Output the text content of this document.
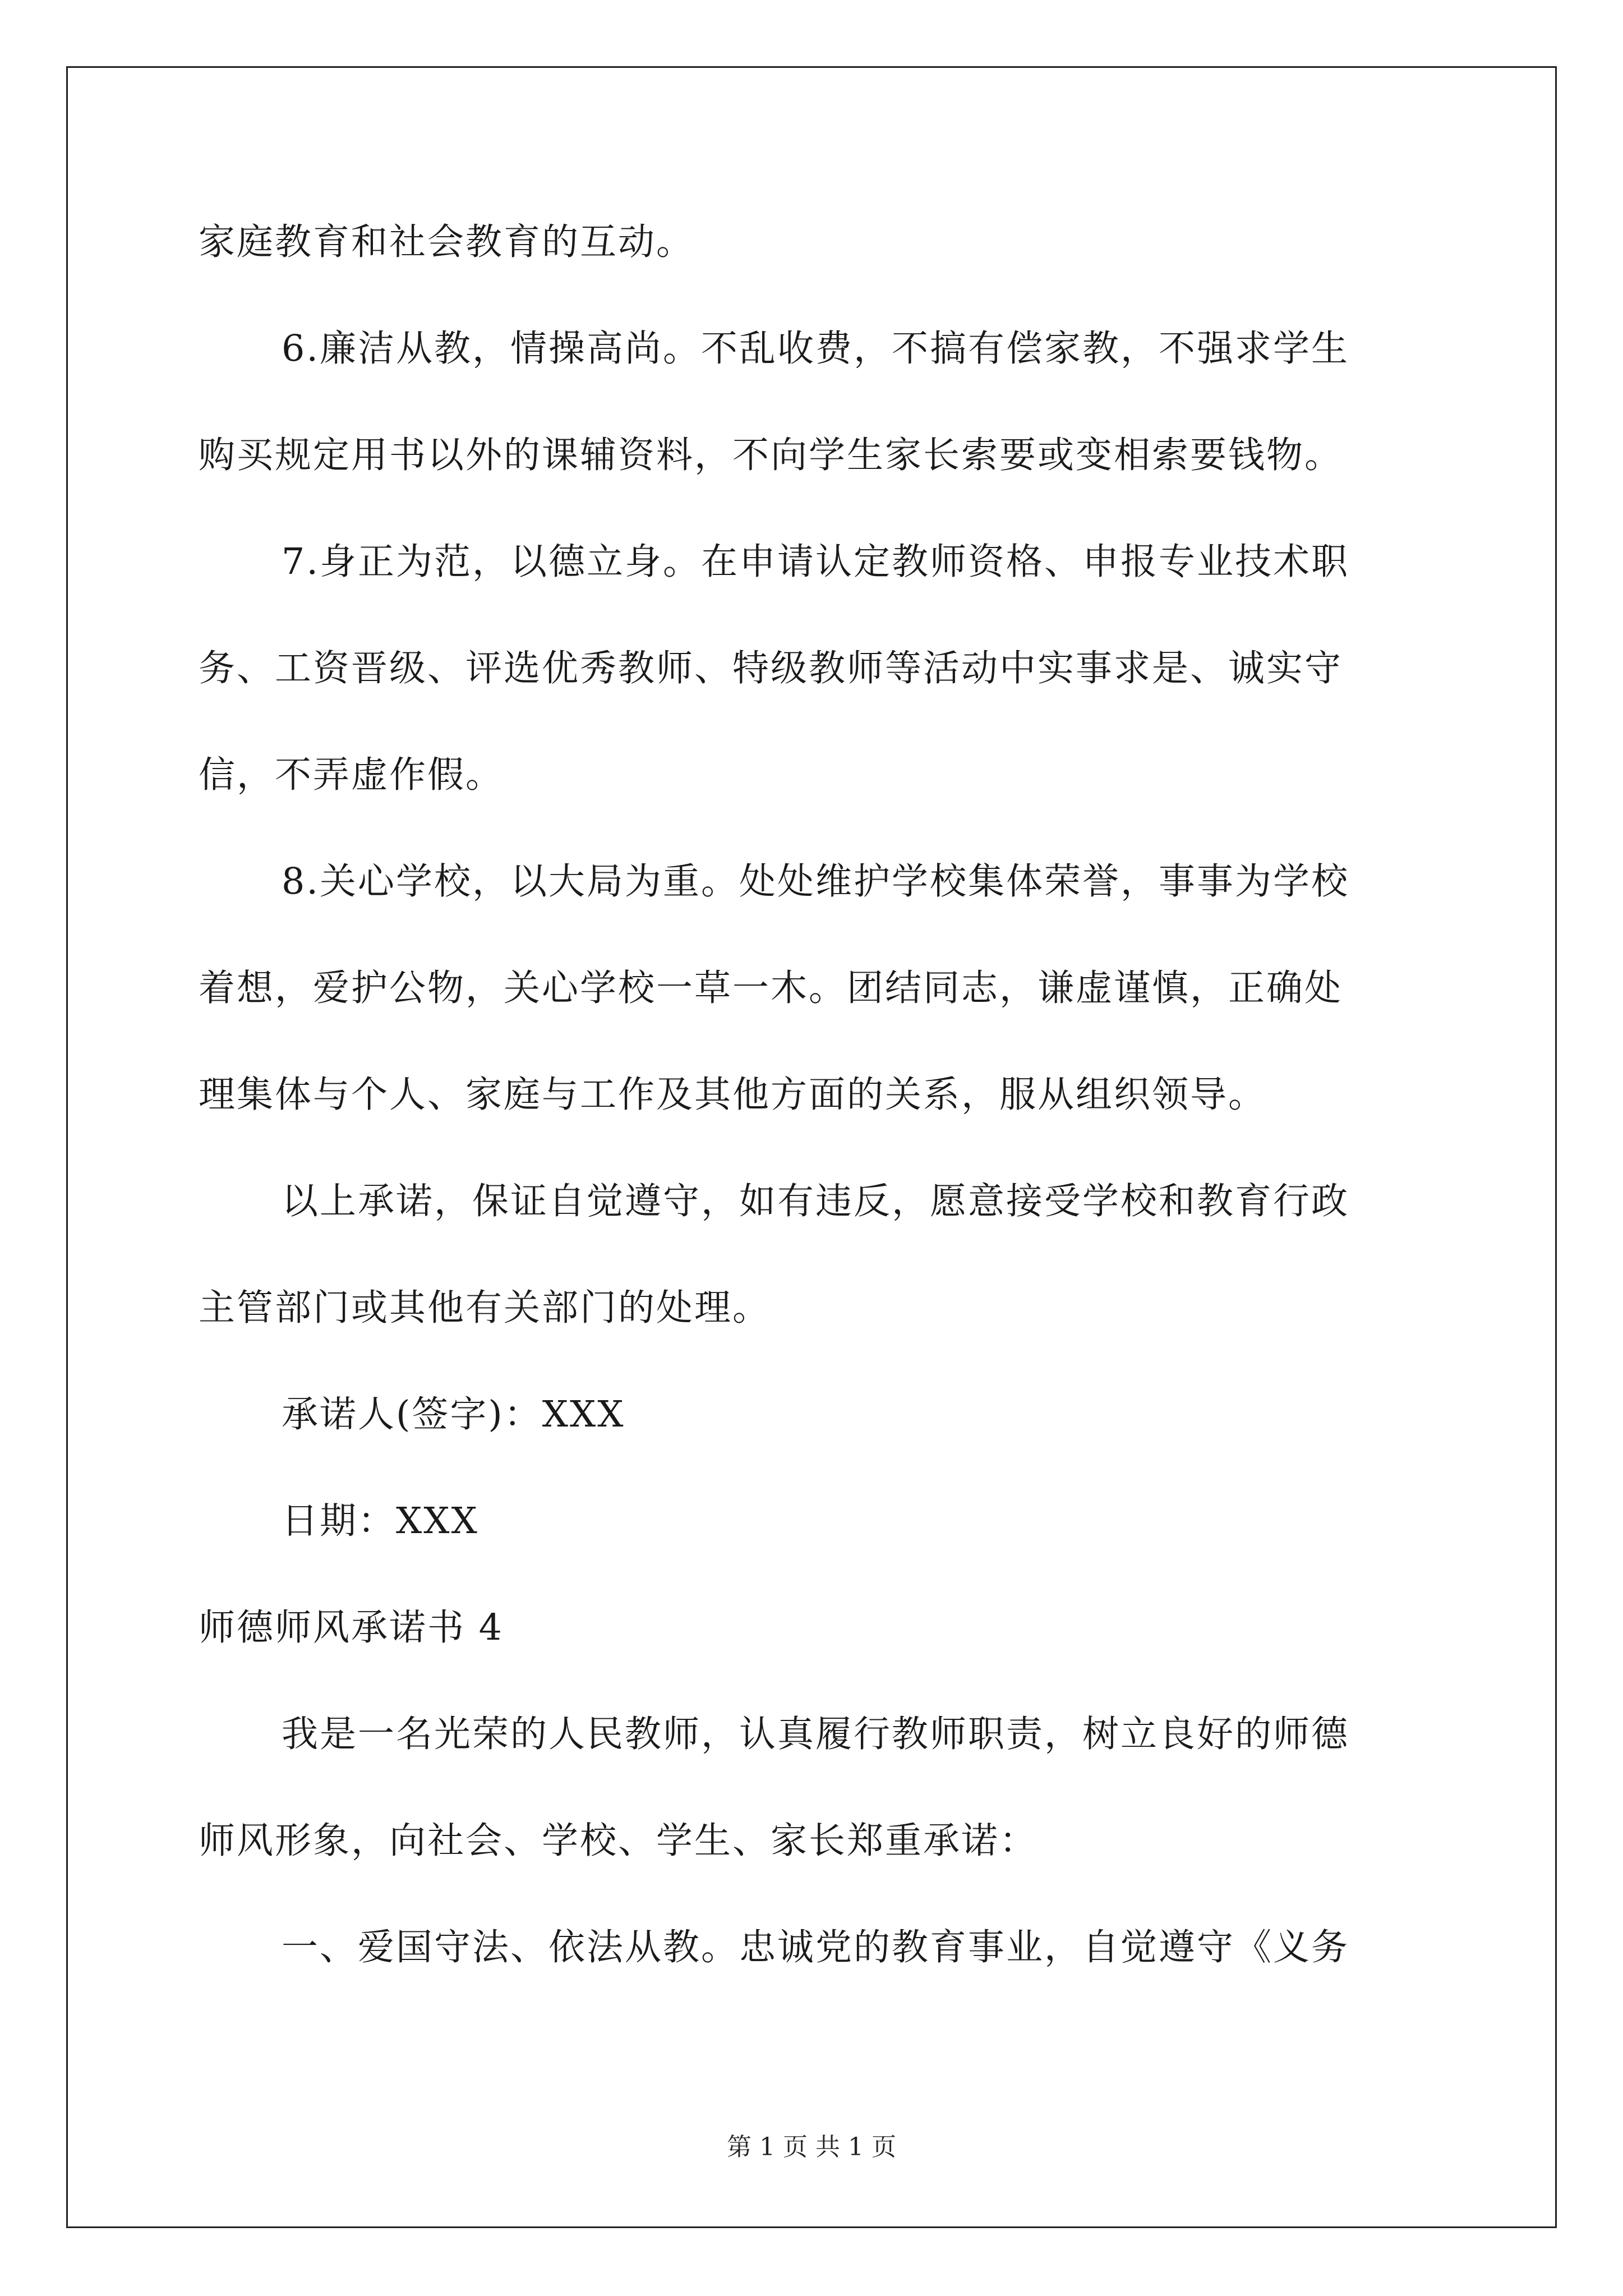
家庭教育和社会教育的互动。
6.廉洁从教，情操高尚。不乱收费，不搞有偿家教，不强求学生
购买规定用书以外的课辅资料，不向学生家长索要或变相索要钱物。
7.身正为范，以德立身。在申请认定教师资格、申报专业技术职
务、工资晋级、评选优秀教师、特级教师等活动中实事求是、诚实守
信，不弄虚作假。
8.关心学校，以大局为重。处处维护学校集体荣誉，事事为学校
着想，爱护公物，关心学校一草一木。团结同志，谦虚谨慎，正确处
理集体与个人、家庭与工作及其他方面的关系，服从组织领导。
以上承诺，保证自觉遵守，如有违反，愿意接受学校和教育行政
主管部门或其他有关部门的处理。
承诺人(签字)：XXX
日期：XXX
师德师风承诺书 4
我是一名光荣的人民教师，认真履行教师职责，树立良好的师德
师风形象，向社会、学校、学生、家长郑重承诺：
一、爱国守法、依法从教。忠诚党的教育事业，自觉遵守《义务
第 1 页 共 1 页
